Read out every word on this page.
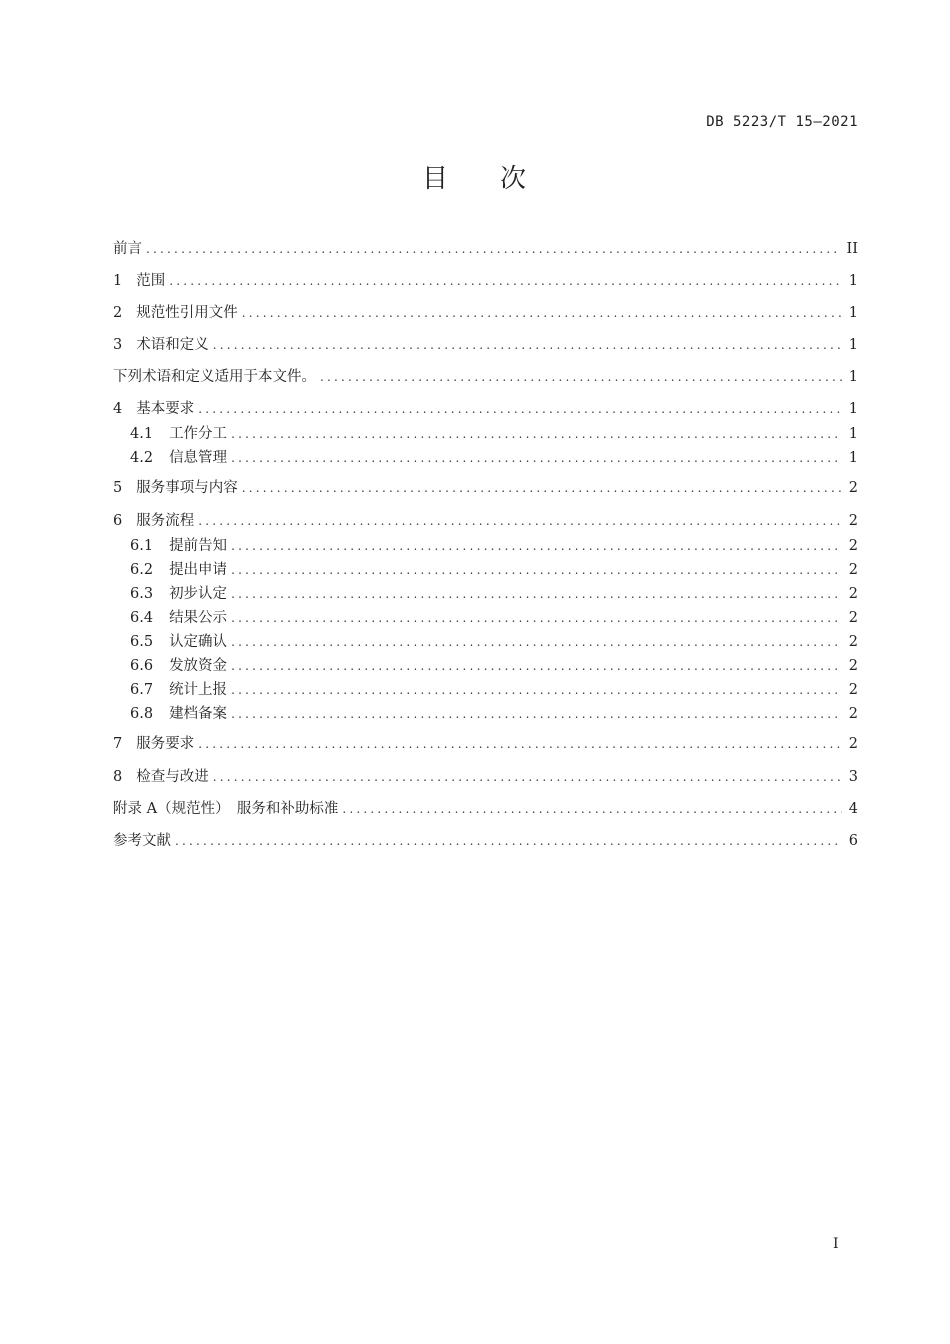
DB 5223/T 15—2021
目 次
前言 .....	II
1 范围 .....	1
2 规范性引用文件 .....	1
3 术语和定义 .....	1
下列术语和定义适用于本文件。 .....	1
4 基本要求 .....	1
4.1 工作分工 .....	1
4.2 信息管理 .....	1
5 服务事项与内容 .....	2
6 服务流程 .....	2
6.1 提前告知 .....	2
6.2 提出申请 .....	2
6.3 初步认定 .....	2
6.4 结果公示 .....	2
6.5 认定确认 .....	2
6.6 发放资金 .....	2
6.7 统计上报 .....	2
6.8 建档备案 .....	2
7 服务要求 .....	2
8 检查与改进 .....	3
附录 A（规范性）　服务和补助标准 .....	4
参考文献 .....	6
I
